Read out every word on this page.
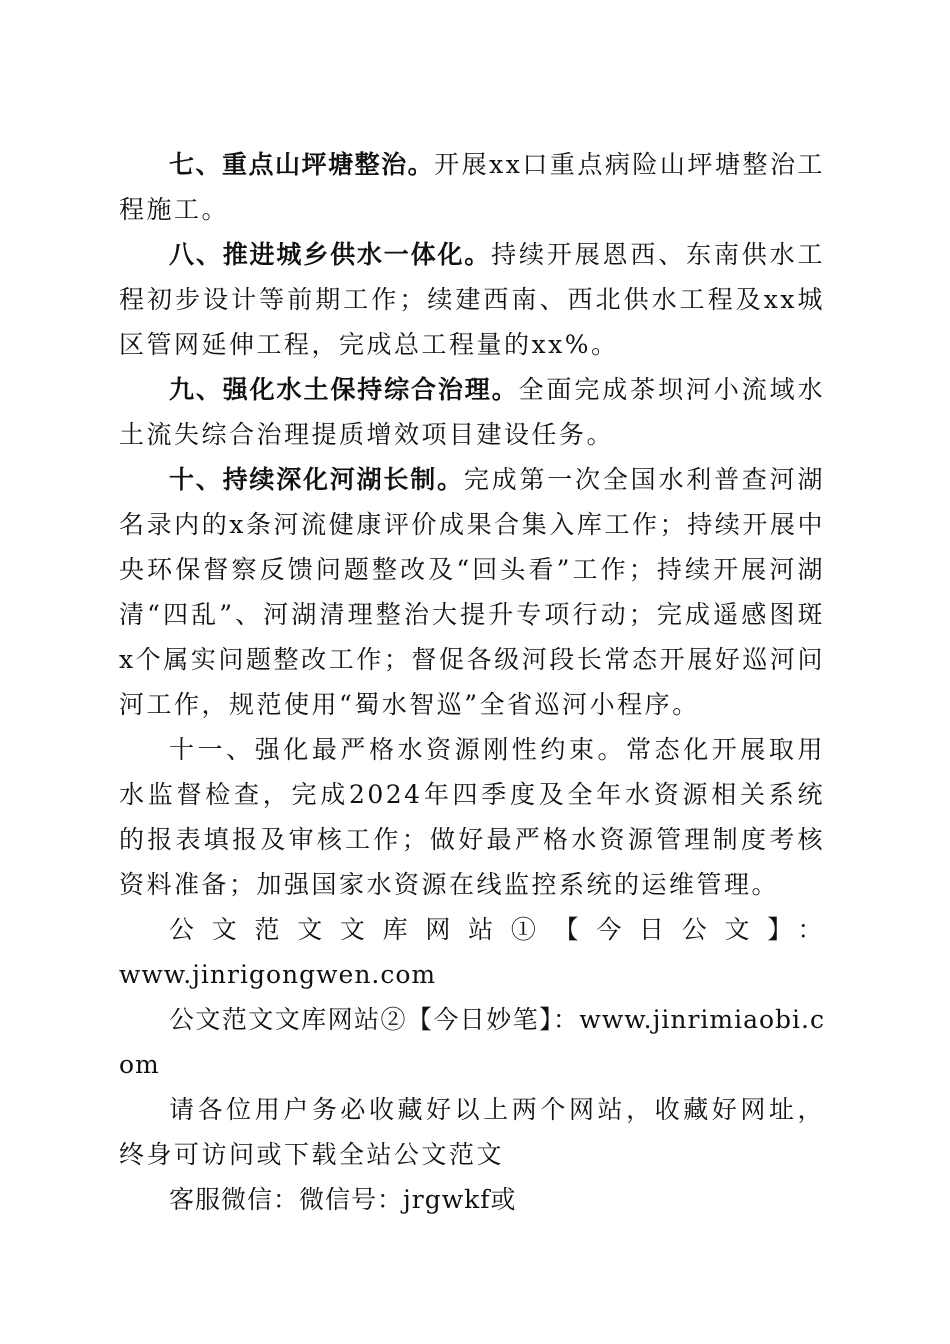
七、重点山坪塘整治。开展xx口重点病险山坪塘整治工程施工。

八、推进城乡供水一体化。持续开展恩西、东南供水工程初步设计等前期工作；续建西南、西北供水工程及xx城区管网延伸工程，完成总工程量的xx%。

九、强化水土保持综合治理。全面完成茶坝河小流域水土流失综合治理提质增效项目建设任务。

十、持续深化河湖长制。完成第一次全国水利普查河湖名录内的x条河流健康评价成果合集入库工作；持续开展中央环保督察反馈问题整改及“回头看”工作；持续开展河湖清“四乱”、河湖清理整治大提升专项行动；完成遥感图斑x个属实问题整改工作；督促各级河段长常态开展好巡河问河工作，规范使用“蜀水智巡”全省巡河小程序。

十一、强化最严格水资源刚性约束。常态化开展取用水监督检查，完成2024年四季度及全年水资源相关系统的报表填报及审核工作；做好最严格水资源管理制度考核资料准备；加强国家水资源在线监控系统的运维管理。

公文范文文库网站①【今日公文】：

www.jinrigongwen.com

公文范文文库网站②【今日妙笔】：www.jinrimiaobi.com

请各位用户务必收藏好以上两个网站，收藏好网址，终身可访问或下载全站公文范文

客服微信：微信号：jrgwkf或
